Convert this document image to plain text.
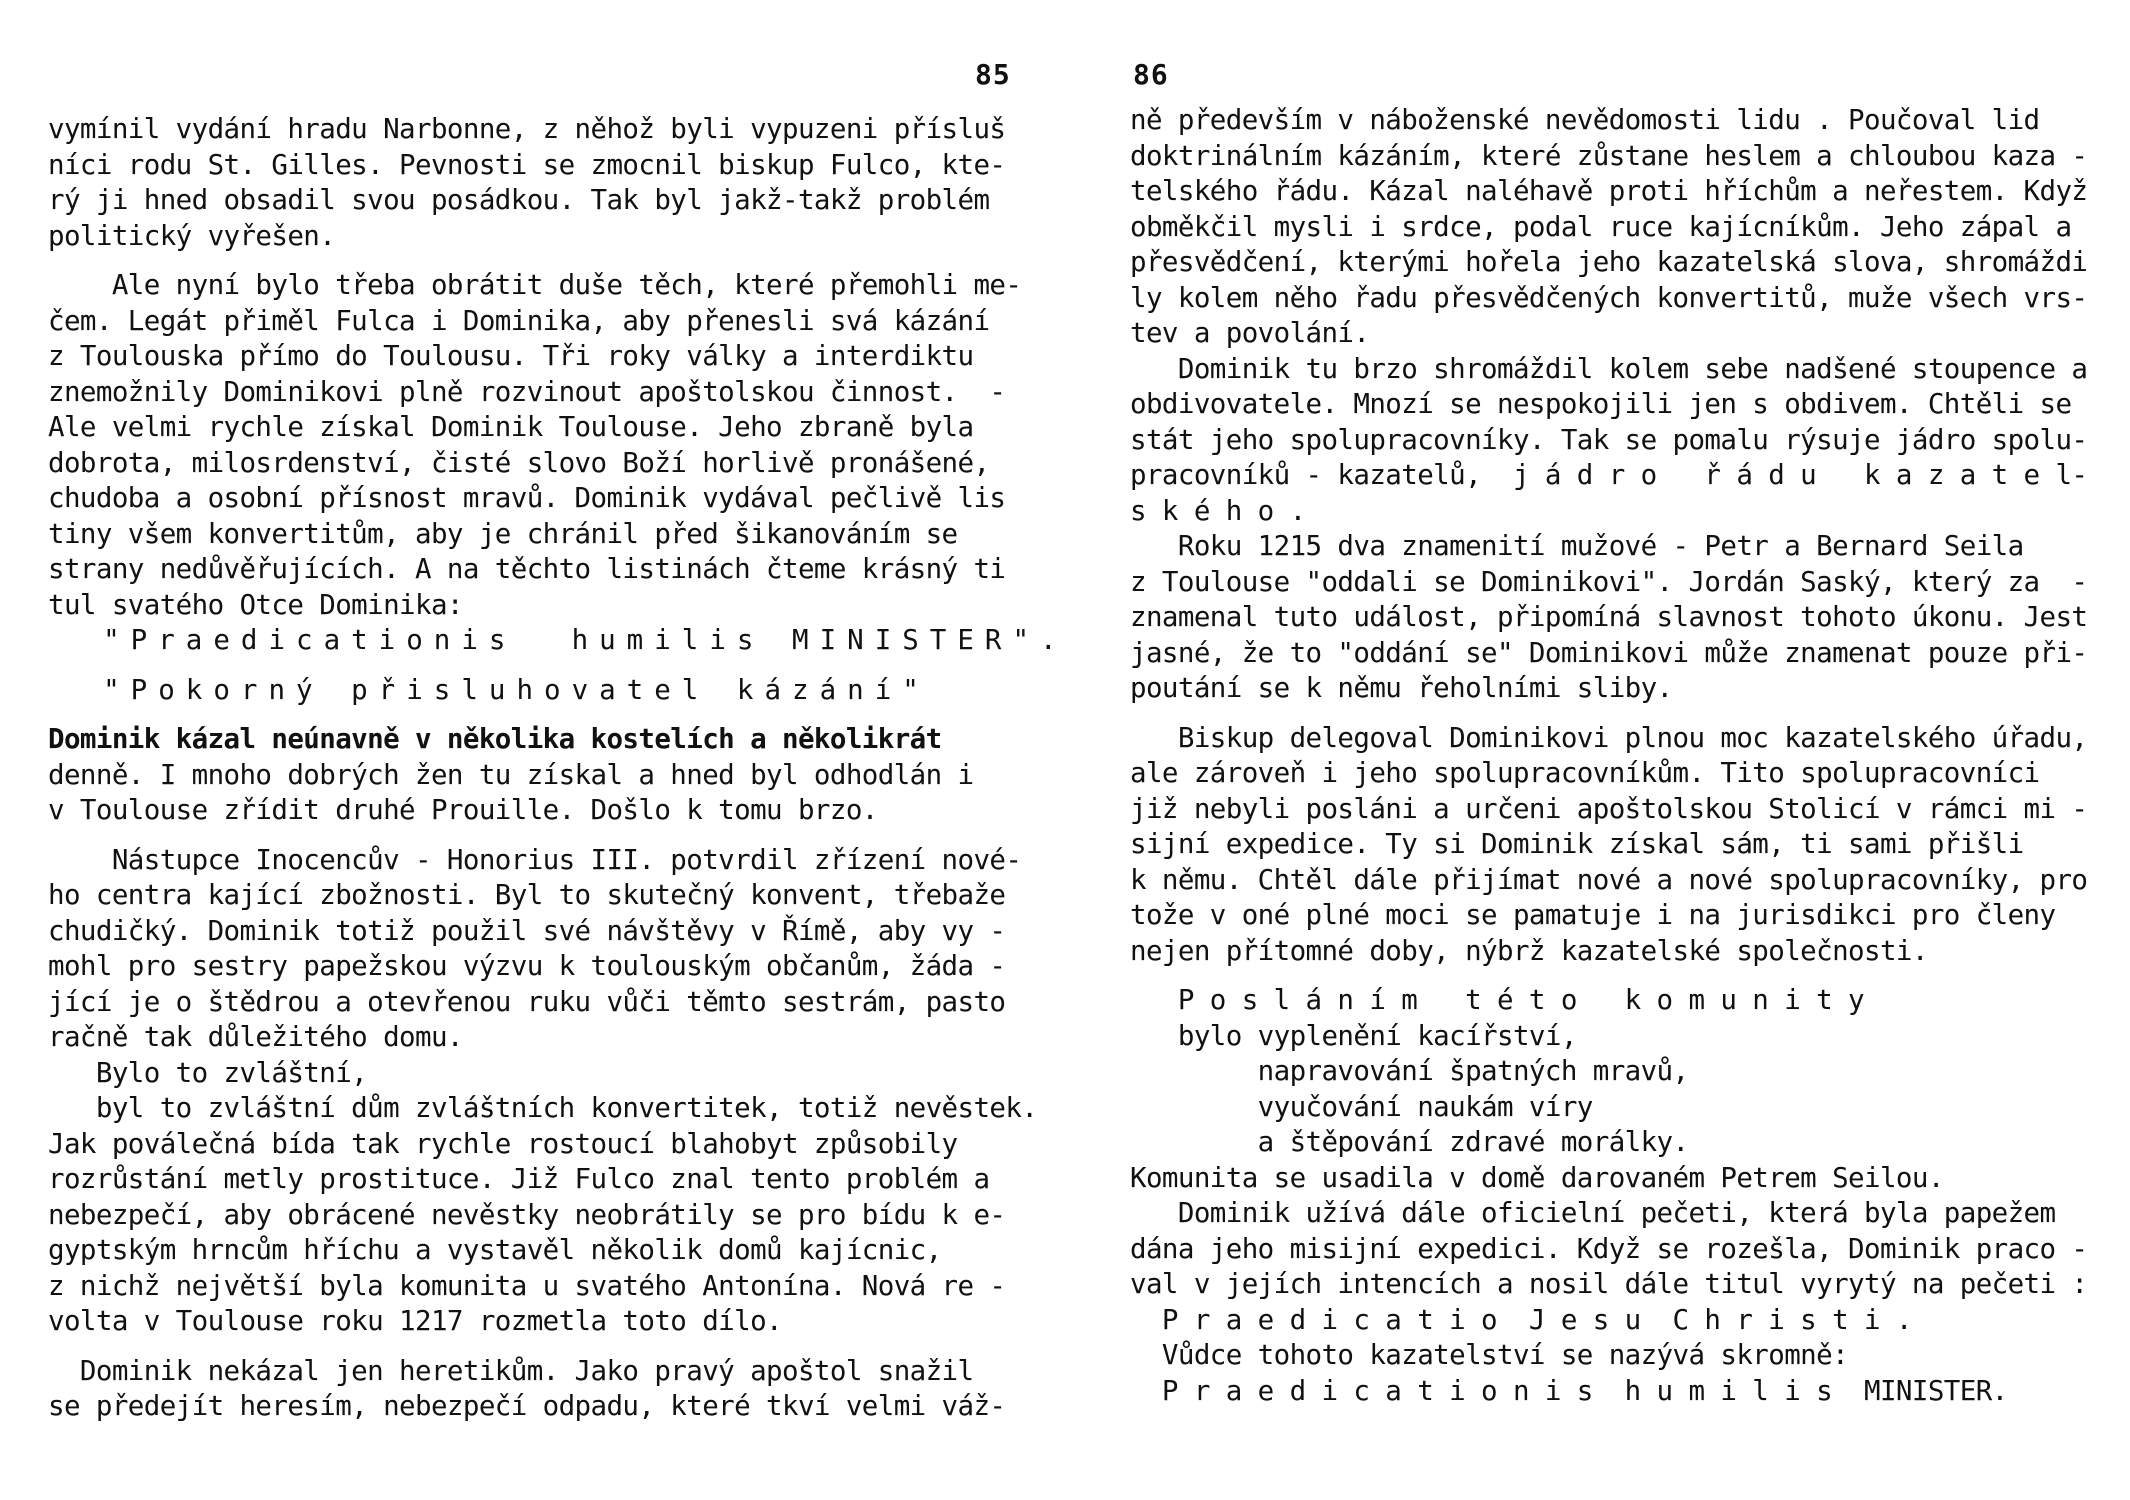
85
vymínil vydání hradu Narbonne, z něhož byli vypuzeni přísluš
níci rodu St. Gilles. Pevnosti se zmocnil biskup Fulco, kte-
rý ji hned obsadil svou posádkou. Tak byl jakž-takž problém
politický vyřešen.
Ale nyní bylo třeba obrátit duše těch, které přemohli me-
čem. Legát přiměl Fulca i Dominika, aby přenesli svá kázání
z Toulouska přímo do Toulousu. Tři roky války a interdiktu
znemožnily Dominikovi plně rozvinout apoštolskou činnost.  -
Ale velmi rychle získal Dominik Toulouse. Jeho zbraně byla
dobrota, milosrdenství, čisté slovo Boží horlivě pronášené,
chudoba a osobní přísnost mravů. Dominik vydával pečlivě lis
tiny všem konvertitům, aby je chránil před šikanováním se
strany nedůvěřujících. A na těchto listinách čteme krásný ti
tul svatého Otce Dominika:
"Praedicationis  humilis MINISTER".
"Pokorný přisluhovatel kázání"
Dominik kázal neúnavně v několika kostelích a několikrát
denně. I mnoho dobrých žen tu získal a hned byl odhodlán i
v Toulouse zřídit druhé Prouille. Došlo k tomu brzo.
Nástupce Inocencův - Honorius III. potvrdil zřízení nové-
ho centra kající zbožnosti. Byl to skutečný konvent, třebaže
chudičký. Dominik totiž použil své návštěvy v Římě, aby vy -
mohl pro sestry papežskou výzvu k toulouským občanům, žáda -
jící je o štědrou a otevřenou ruku vůči těmto sestrám, pasto
račně tak důležitého domu.
Bylo to zvláštní,
byl to zvláštní dům zvláštních konvertitek, totiž nevěstek.
Jak poválečná bída tak rychle rostoucí blahobyt způsobily
rozrůstání metly prostituce. Již Fulco znal tento problém a
nebezpečí, aby obrácené nevěstky neobrátily se pro bídu k e-
gyptským hrncům hříchu a vystavěl několik domů kajícnic,
z nichž největší byla komunita u svatého Antonína. Nová re -
volta v Toulouse roku 1217 rozmetla toto dílo.
Dominik nekázal jen heretikům. Jako pravý apoštol snažil
se předejít heresím, nebezpečí odpadu, které tkví velmi váž-
86
ně především v náboženské nevědomosti lidu . Poučoval lid
doktrinálním kázáním, které zůstane heslem a chloubou kaza -
telského řádu. Kázal naléhavě proti hříchům a neřestem. Když
obměkčil mysli i srdce, podal ruce kajícníkům. Jeho zápal a
přesvědčení, kterými hořela jeho kazatelská slova, shromáždi
ly kolem něho řadu přesvědčených konvertitů, muže všech vrs-
tev a povolání.
Dominik tu brzo shromáždil kolem sebe nadšené stoupence a
obdivovatele. Mnozí se nespokojili jen s obdivem. Chtěli se
stát jeho spolupracovníky. Tak se pomalu rýsuje jádro spolu-
pracovníků - kazatelů,  j á d r o   ř á d u   k a z a t e l-
s k é h o .
Roku 1215 dva znamenití mužové - Petr a Bernard Seila
z Toulouse "oddali se Dominikovi". Jordán Saský, který za  -
znamenal tuto událost, připomíná slavnost tohoto úkonu. Jest
jasné, že to "oddání se" Dominikovi může znamenat pouze při-
poutání se k němu řeholními sliby.
Biskup delegoval Dominikovi plnou moc kazatelského úřadu,
ale zároveň i jeho spolupracovníkům. Tito spolupracovníci
již nebyli posláni a určeni apoštolskou Stolicí v rámci mi -
sijní expedice. Ty si Dominik získal sám, ti sami přišli
k němu. Chtěl dále přijímat nové a nové spolupracovníky, pro
tože v oné plné moci se pamatuje i na jurisdikci pro členy
nejen přítomné doby, nýbrž kazatelské společnosti.
P o s l á n í m   t é t o   k o m u n i t y
bylo vyplenění kacířství,
napravování špatných mravů,
vyučování naukám víry
a štěpování zdravé morálky.
Komunita se usadila v domě darovaném Petrem Seilou.
Dominik užívá dále oficielní pečeti, která byla papežem
dána jeho misijní expedici. Když se rozešla, Dominik praco -
val v jejích intencích a nosil dále titul vyrytý na pečeti :
P r a e d i c a t i o  J e s u  C h r i s t i .
Vůdce tohoto kazatelství se nazývá skromně:
P r a e d i c a t i o n i s  h u m i l i s  MINISTER.
